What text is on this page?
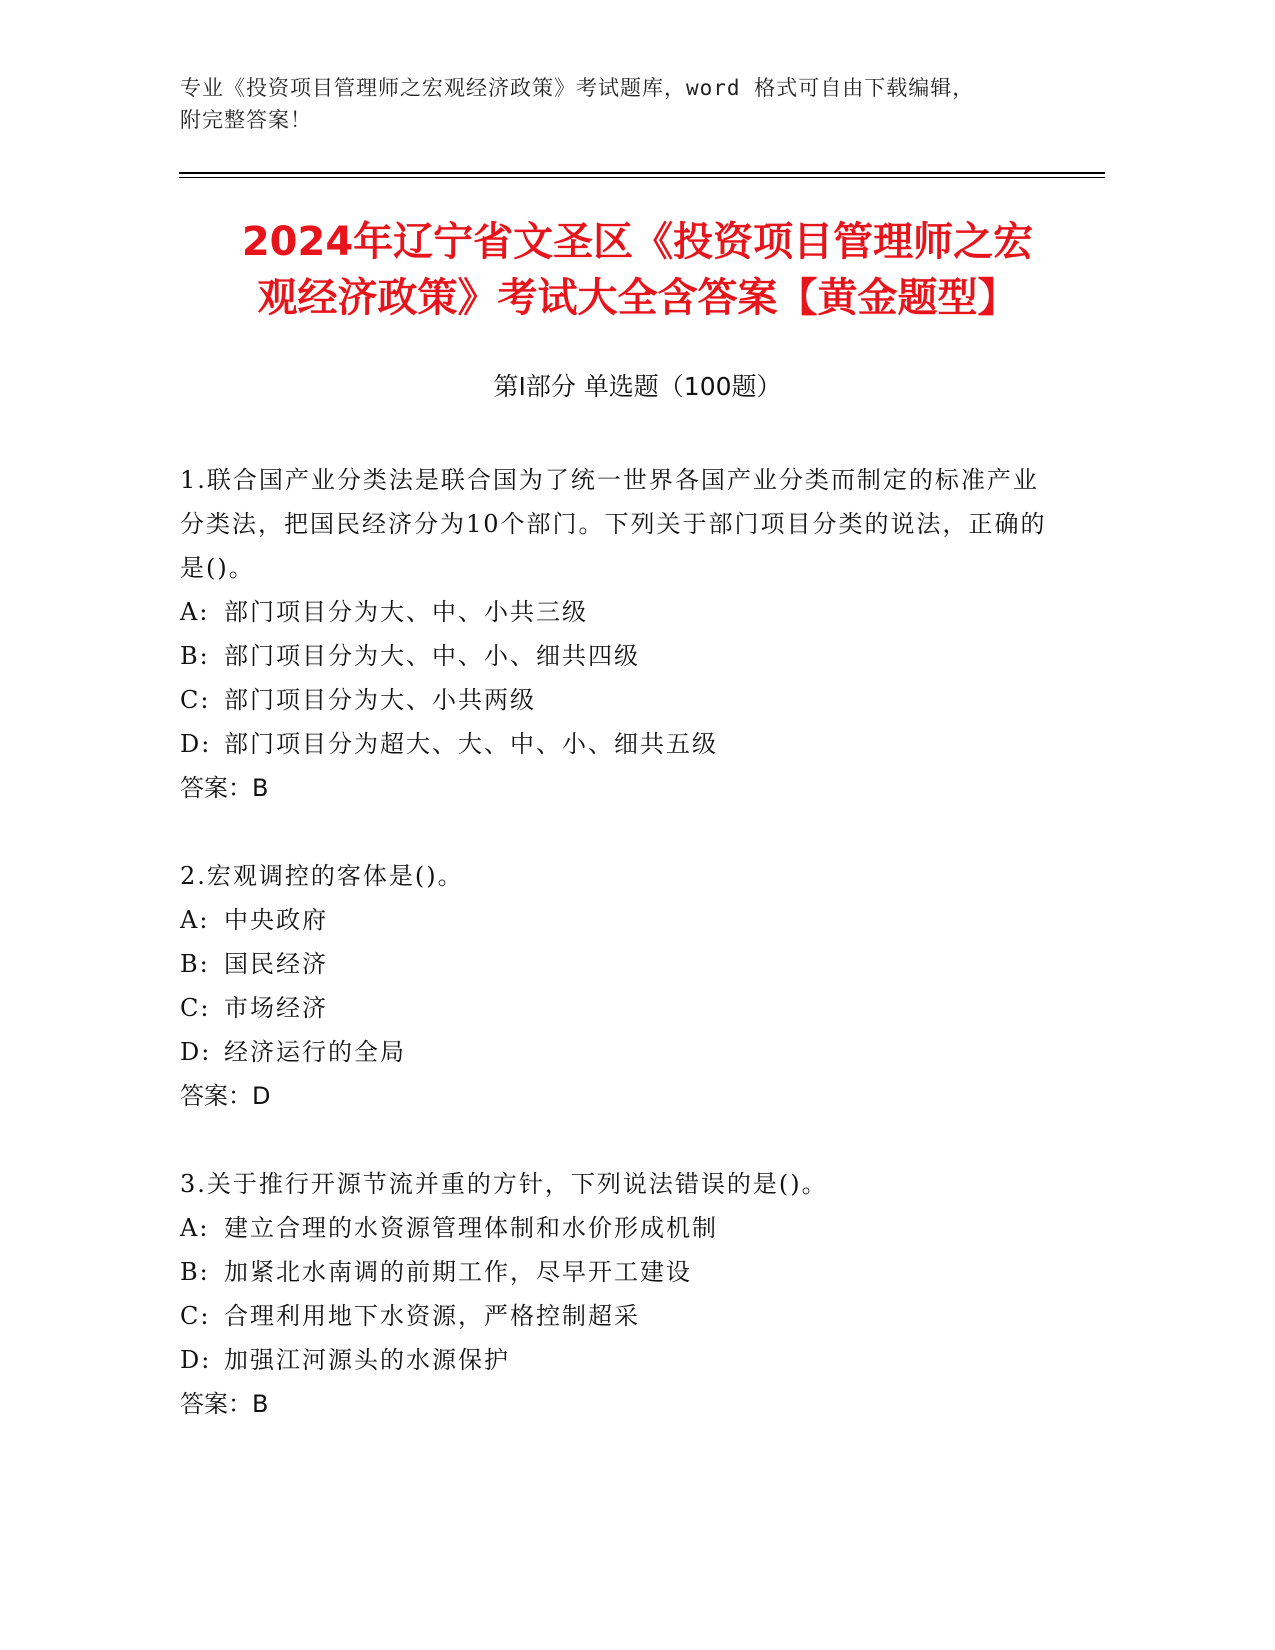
专业《投资项目管理师之宏观经济政策》考试题库，word 格式可自由下载编辑，
附完整答案！
2024年辽宁省文圣区《投资项目管理师之宏
观经济政策》考试大全含答案【黄金题型】
第Ⅰ部分 单选题（100题）

1.联合国产业分类法是联合国为了统一世界各国产业分类而制定的标准产业分类法，把国民经济分为10个部门。下列关于部门项目分类的说法，正确的是()。

A: 部门项目分为大、中、小共三级

B: 部门项目分为大、中、小、细共四级

C: 部门项目分为大、小共两级

D: 部门项目分为超大、大、中、小、细共五级

答案：B

2.宏观调控的客体是()。

A: 中央政府

B: 国民经济

C: 市场经济

D: 经济运行的全局

答案：D

3.关于推行开源节流并重的方针，下列说法错误的是()。

A: 建立合理的水资源管理体制和水价形成机制

B: 加紧北水南调的前期工作，尽早开工建设

C: 合理利用地下水资源，严格控制超采

D: 加强江河源头的水源保护

答案：B
